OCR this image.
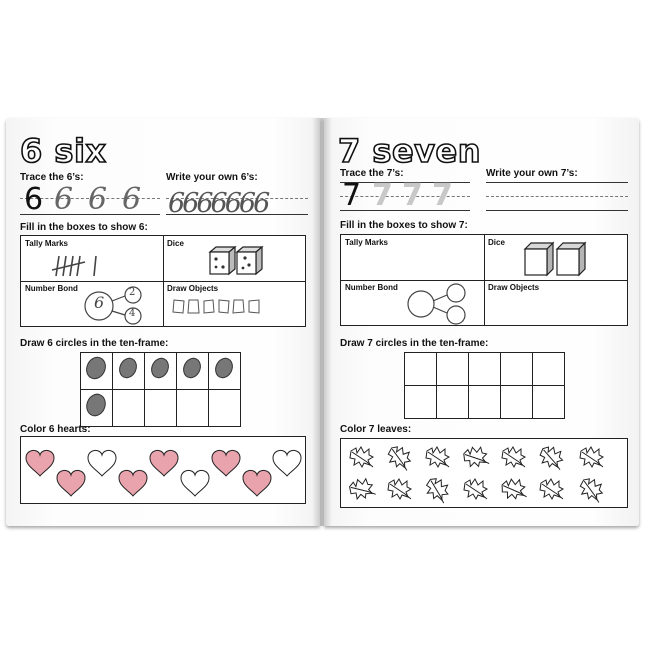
6 six
Trace the 6’s:	Write your own 6’s:
6 6 6 6 6666666
Fill in the boxes to show 6:
Tally Marks	Dice
Number Bond	Draw Objects
6
2
4
Draw 6 circles in the ten-frame:

Color 6 hearts:
7 seven
Trace the 7’s:	Write your own 7’s:
7 7 7 7
Fill in the boxes to show 7:
Tally Marks	Dice
Number Bond	Draw Objects
Draw 7 circles in the ten-frame:

Color 7 leaves:
